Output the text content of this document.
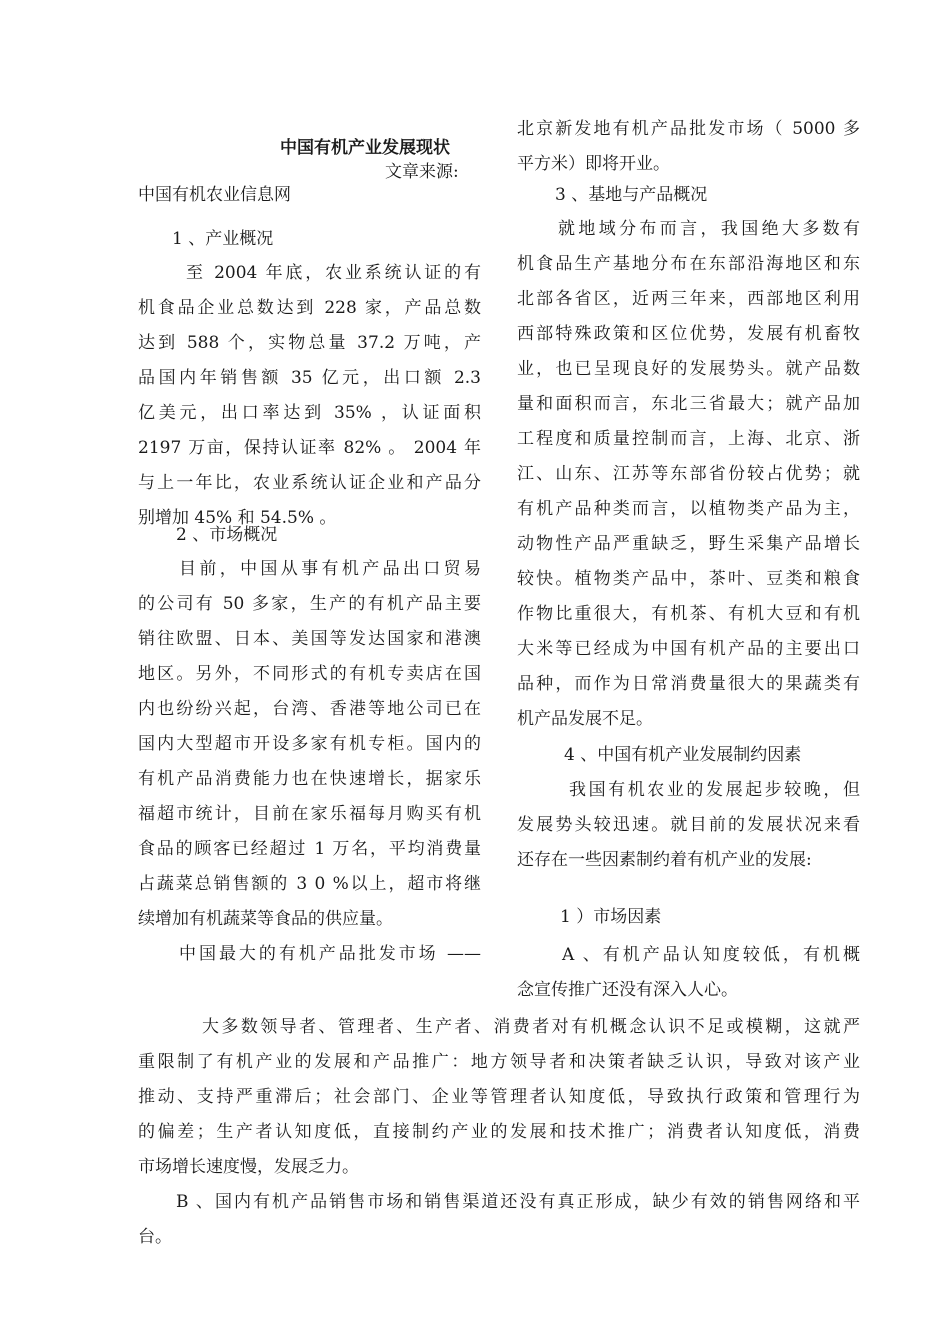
中国有机产业发展现状
文章来源:
中国有机农业信息网
1 、产业概况
至 2004 年底，农业系统认证的有
机食品企业总数达到 228 家，产品总数
达到 588 个，实物总量 37.2 万吨，产
品国内年销售额 35 亿元，出口额 2.3
亿美元，出口率达到 35% ，认证面积
2197 万亩，保持认证率 82% 。 2004 年
与上一年比，农业系统认证企业和产品分
别增加 45% 和 54.5% 。
2 、市场概况
目前，中国从事有机产品出口贸易
的公司有 50 多家，生产的有机产品主要
销往欧盟、日本、美国等发达国家和港澳
地区。另外，不同形式的有机专卖店在国
内也纷纷兴起，台湾、香港等地公司已在
国内大型超市开设多家有机专柜。国内的
有机产品消费能力也在快速增长，据家乐
福超市统计，目前在家乐福每月购买有机
食品的顾客已经超过 1 万名，平均消费量
占蔬菜总销售额的 3 0 %以上，超市将继
续增加有机蔬菜等食品的供应量。
中国最大的有机产品批发市场 ——
北京新发地有机产品批发市场（ 5000 多
平方米）即将开业。
3 、基地与产品概况
就地域分布而言，我国绝大多数有
机食品生产基地分布在东部沿海地区和东
北部各省区，近两三年来，西部地区利用
西部特殊政策和区位优势，发展有机畜牧
业，也已呈现良好的发展势头。就产品数
量和面积而言，东北三省最大；就产品加
工程度和质量控制而言，上海、北京、浙
江、山东、江苏等东部省份较占优势；就
有机产品种类而言，以植物类产品为主，
动物性产品严重缺乏，野生采集产品增长
较快。植物类产品中，茶叶、豆类和粮食
作物比重很大，有机茶、有机大豆和有机
大米等已经成为中国有机产品的主要出口
品种，而作为日常消费量很大的果蔬类有
机产品发展不足。
4 、中国有机产业发展制约因素
我国有机农业的发展起步较晚，但
发展势头较迅速。就目前的发展状况来看
还存在一些因素制约着有机产业的发展:
1 ）市场因素
A 、有机产品认知度较低，有机概
念宣传推广还没有深入人心。
大多数领导者、管理者、生产者、消费者对有机概念认识不足或模糊，这就严
重限制了有机产业的发展和产品推广：地方领导者和决策者缺乏认识，导致对该产业
推动、支持严重滞后；社会部门、企业等管理者认知度低，导致执行政策和管理行为
的偏差；生产者认知度低，直接制约产业的发展和技术推广；消费者认知度低，消费
市场增长速度慢，发展乏力。
B 、国内有机产品销售市场和销售渠道还没有真正形成，缺少有效的销售网络和平
台。
